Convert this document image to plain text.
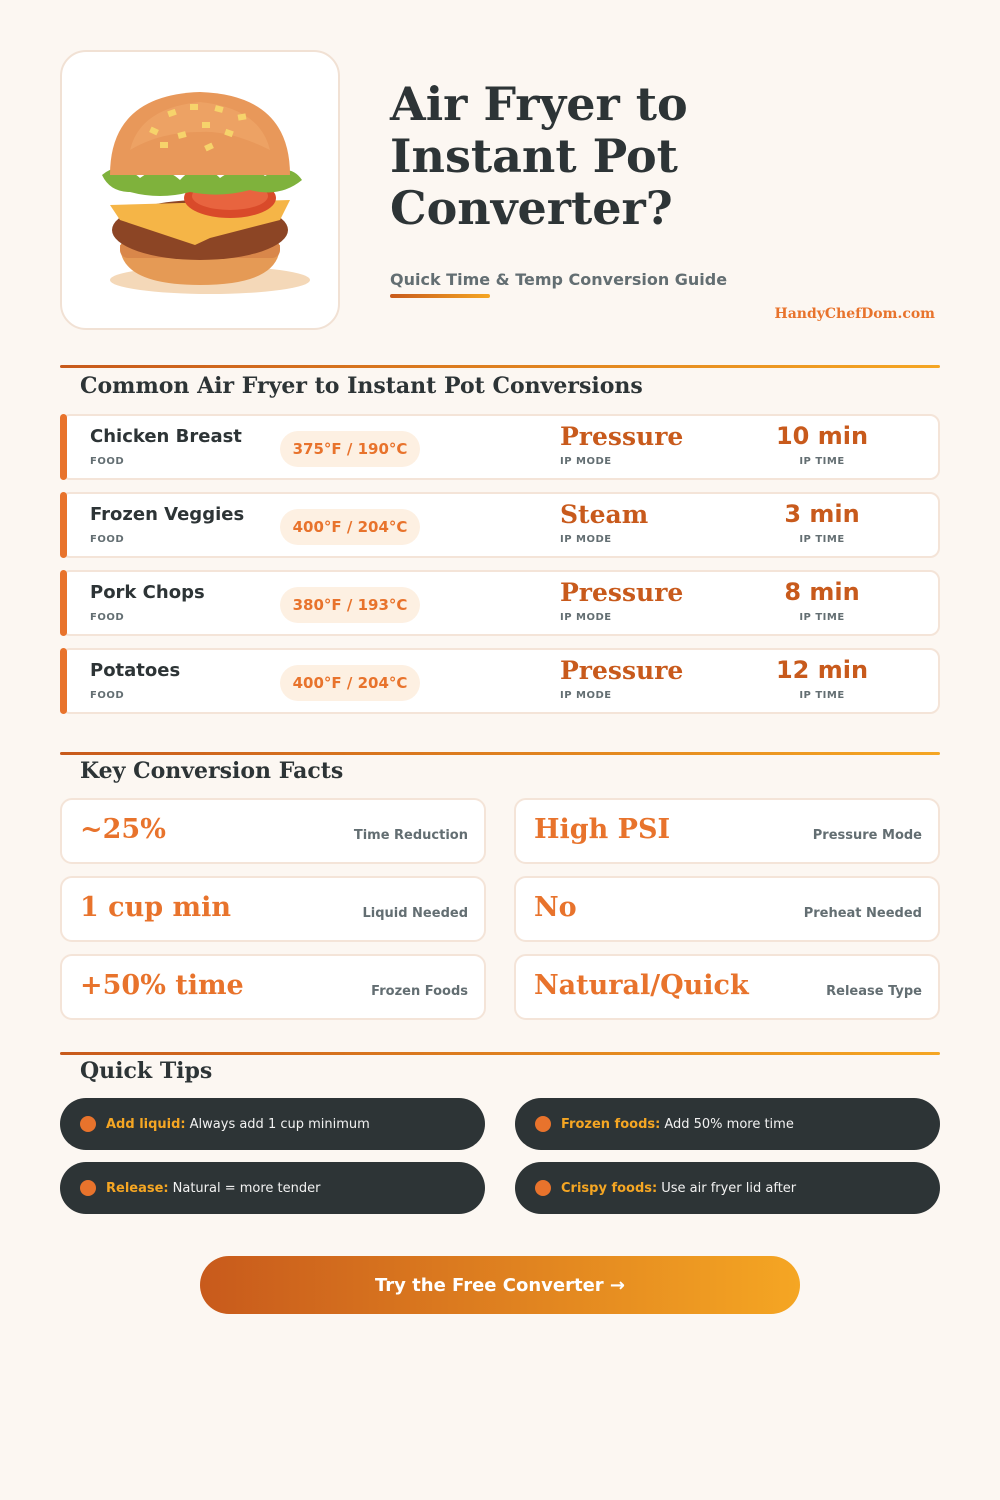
Air Fryer to
Instant Pot
Converter?
Quick Time & Temp Conversion Guide
HandyChefDom.com
Common Air Fryer to Instant Pot Conversions
Chicken Breast
FOOD
375°F / 190°C	Pressure
IP MODE
10 min
IP TIME
Frozen Veggies
FOOD
400°F / 204°C	Steam
IP MODE
3 min
IP TIME
Pork Chops
FOOD
380°F / 193°C	Pressure
IP MODE
8 min
IP TIME
Potatoes
FOOD
400°F / 204°C	Pressure
IP MODE
12 min
IP TIME
Key Conversion Facts
~25%	Time Reduction High PSI	Pressure Mode
1 cup min	Liquid Needed No	Preheat Needed
+50% time	Frozen Foods Natural/Quick	Release Type
Quick Tips
Add liquid: Always add 1 cup minimum	Frozen foods: Add 50% more time
Release: Natural = more tender	Crispy foods: Use air fryer lid after
Try the Free Converter →
